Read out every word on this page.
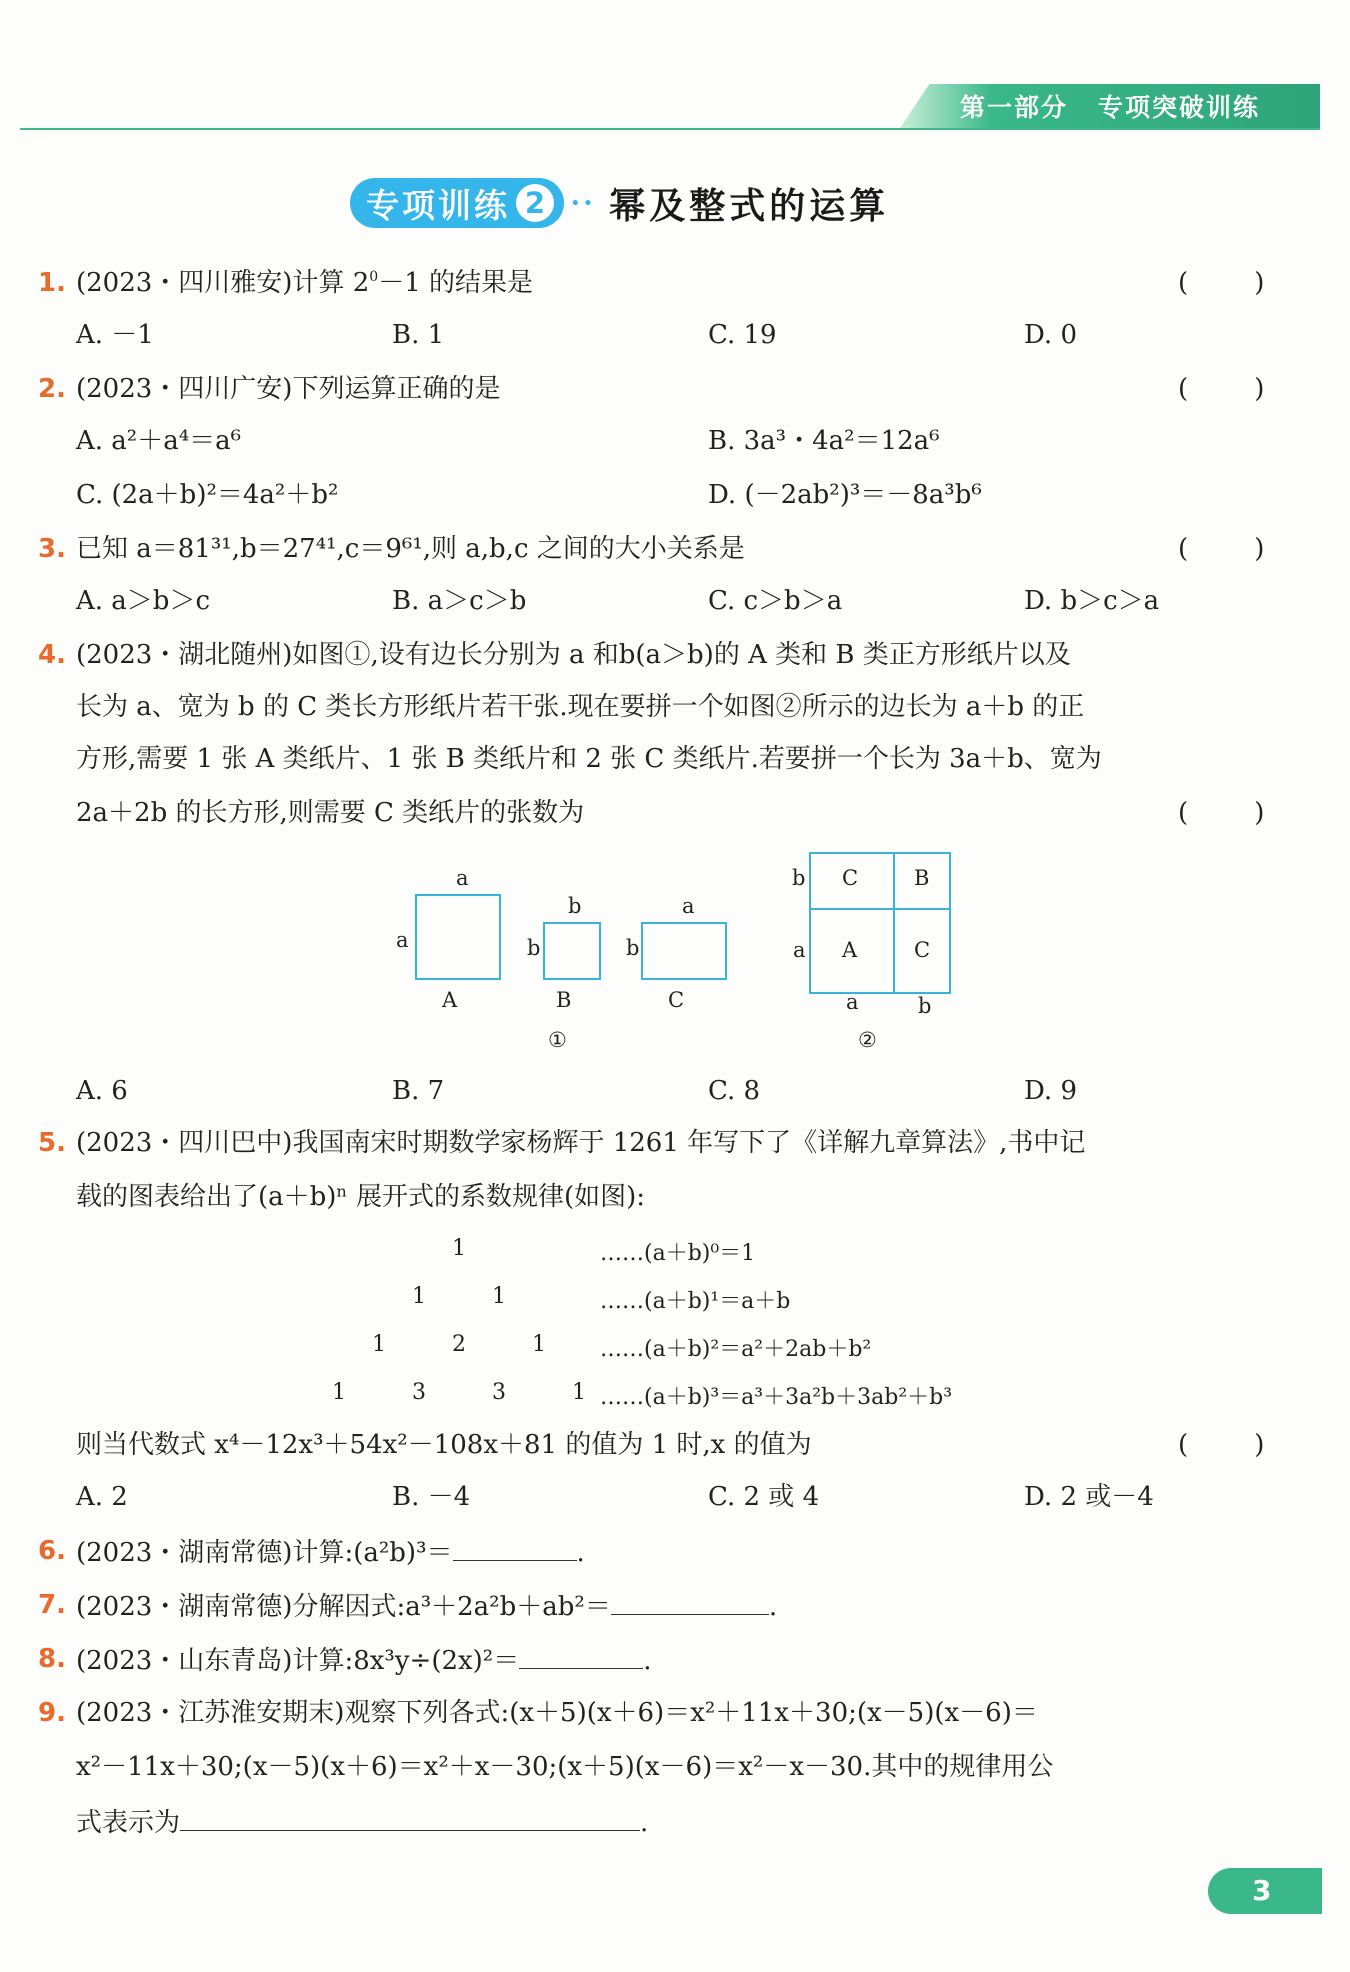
第一部分 专项突破训练
专项训练 2	•• 幂及整式的运算
1. (2023・四川雅安)计算 $2^0-1$ 的结果是	(        )
A. －1	B. 1	C. 19	D. 0
2. (2023・四川广安)下列运算正确的是	(        )
A. a²＋a⁴＝a⁶	B. 3a³・4a²＝12a⁶
C. (2a＋b)²＝4a²＋b²	D. (－2ab²)³＝－8a³b⁶
3. 已知 a＝81³¹,b＝27⁴¹,c＝9⁶¹,则 a,b,c 之间的大小关系是	(        )
A. a＞b＞c	B. a＞c＞b	C. c＞b＞a	D. b＞c＞a
4. (2023・湖北随州)如图①,设有边长分别为 a 和b(a＞b)的 A 类和 B 类正方形纸片以及
长为 a、宽为 b 的 C 类长方形纸片若干张.现在要拼一个如图②所示的边长为 a＋b 的正
方形,需要 1 张 A 类纸片、1 张 B 类纸片和 2 张 C 类纸片.若要拼一个长为 3a＋b、宽为
2a＋2b 的长方形,则需要 C 类纸片的张数为	(        )
a
a
A
b
b
B
a
b
C
①
b
a
C	B
A	C
a	b
②
A. 6	B. 7	C. 8	D. 9
5. (2023・四川巴中)我国南宋时期数学家杨辉于 1261 年写下了《详解九章算法》,书中记
载的图表给出了(a＋b)ⁿ 展开式的系数规律(如图):
1
1	1
1	2	1
1	3	3	1
……(a＋b)⁰＝1
……(a＋b)¹＝a＋b
……(a＋b)²＝a²＋2ab＋b²
……(a＋b)³＝a³＋3a²b＋3ab²＋b³
则当代数式 x⁴－12x³＋54x²－108x＋81 的值为 1 时,x 的值为	(        )
A. 2	B. －4	C. 2 或 4	D. 2 或－4
6. (2023・湖南常德)计算:(a²b)³＝	.
7. (2023・湖南常德)分解因式:a³＋2a²b＋ab²＝	.
8. (2023・山东青岛)计算:8x³y÷(2x)²＝	.
9. (2023・江苏淮安期末)观察下列各式:(x＋5)(x＋6)＝x²＋11x＋30;(x－5)(x－6)＝
x²－11x＋30;(x－5)(x＋6)＝x²＋x－30;(x＋5)(x－6)＝x²－x－30.其中的规律用公
式表示为	.
3
